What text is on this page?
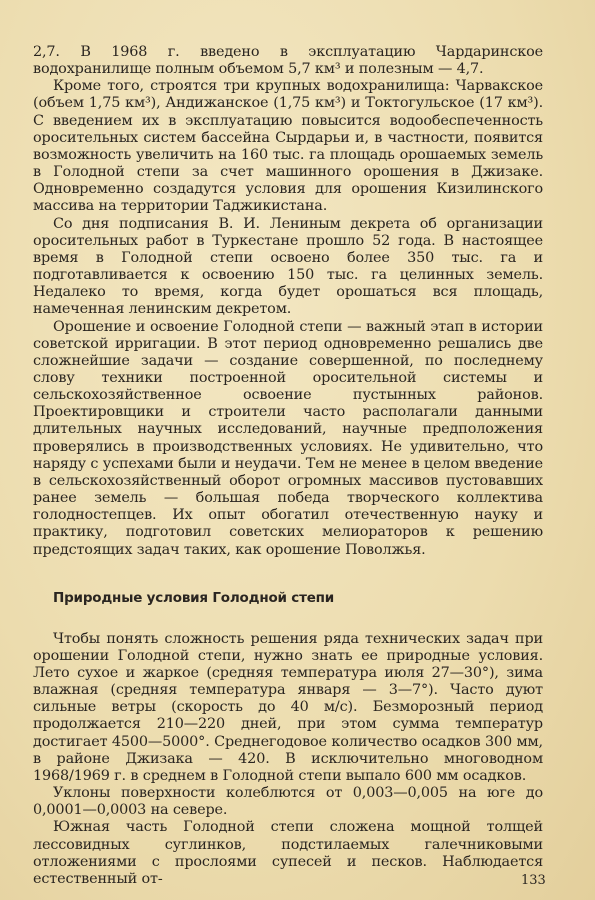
2,7. В 1968 г. введено в эксплуатацию Чардаринское водохранилище полным объемом 5,7 км³ и полезным — 4,7.

Кроме того, строятся три крупных водохранилища: Чарвакское (объем 1,75 км³), Андижанское (1,75 км³) и Токтогульское (17 км³). С введением их в эксплуатацию повысится водообеспеченность оросительных систем бассейна Сырдарьи и, в частности, появится возможность увеличить на 160 тыс. га площадь орошаемых земель в Голодной степи за счет машинного орошения в Джизаке. Одновременно создадутся условия для орошения Кизилинского массива на территории Таджикистана.

Со дня подписания В. И. Лениным декрета об организации оросительных работ в Туркестане прошло 52 года. В настоящее время в Голодной степи освоено более 350 тыс. га и подготавливается к освоению 150 тыс. га целинных земель. Недалеко то время, когда будет орошаться вся площадь, намеченная ленинским декретом.

Орошение и освоение Голодной степи — важный этап в истории советской ирригации. В этот период одновременно решались две сложнейшие задачи — создание совершенной, по последнему слову техники построенной оросительной системы и сельскохозяйственное освоение пустынных районов. Проектировщики и строители часто располагали данными длительных научных исследований, научные предположения проверялись в производственных условиях. Не удивительно, что наряду с успехами были и неудачи. Тем не менее в целом введение в сельскохозяйственный оборот огромных массивов пустовавших ранее земель — большая победа творческого коллектива голодностепцев. Их опыт обогатил отечественную науку и практику, подготовил советских мелиораторов к решению предстоящих задач таких, как орошение Поволжья.

Природные условия Голодной степи

Чтобы понять сложность решения ряда технических задач при орошении Голодной степи, нужно знать ее природные условия. Лето сухое и жаркое (средняя температура июля 27—30°), зима влажная (средняя температура января — 3—7°). Часто дуют сильные ветры (скорость до 40 м/с). Безморозный период продолжается 210—220 дней, при этом сумма температур достигает 4500—5000°. Среднегодовое количество осадков 300 мм, в районе Джизака — 420. В исключительно многоводном 1968/1969 г. в среднем в Голодной степи выпало 600 мм осадков.

Уклоны поверхности колеблются от 0,003—0,005 на юге до 0,0001—0,0003 на севере.

Южная часть Голодной степи сложена мощной толщей лессовидных суглинков, подстилаемых галечниковыми отложениями с прослоями супесей и песков. Наблюдается естественный от-	133
